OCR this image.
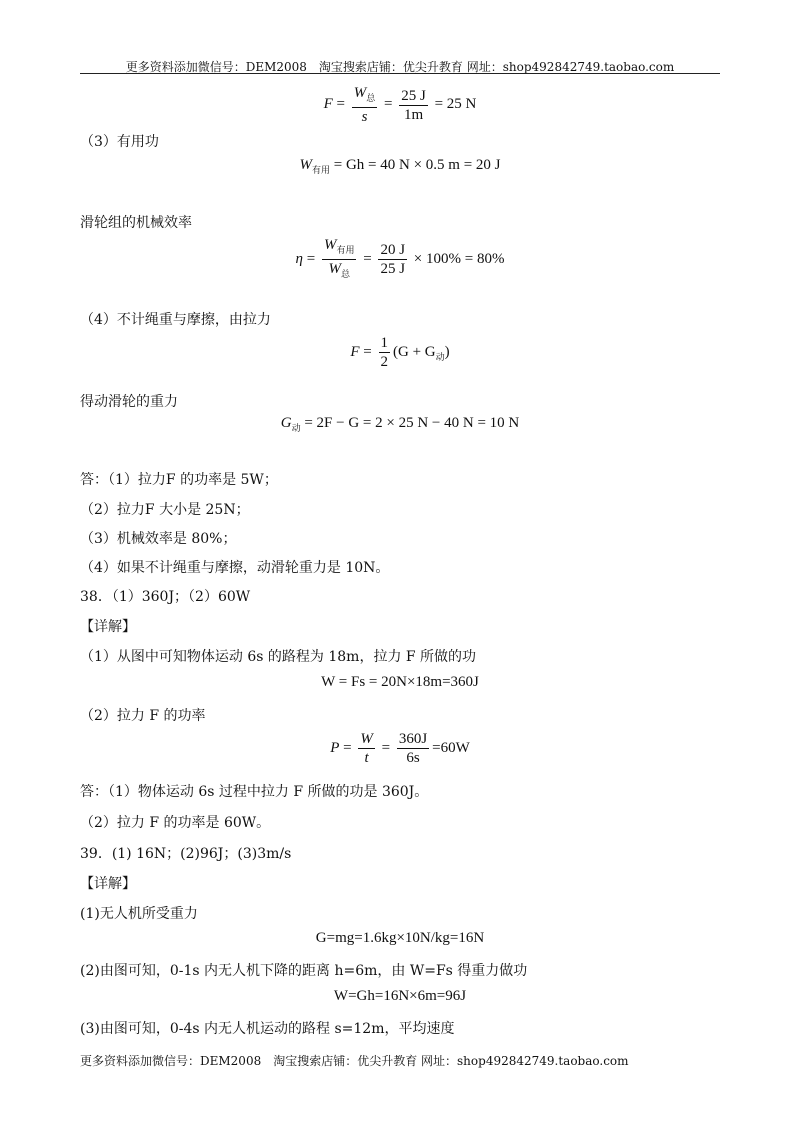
更多资料添加微信号：DEM2008　淘宝搜索店铺：优尖升教育 网址：shop492842749.taobao.com
$F = \frac{W_总}{s} = \frac{25 J}{1m} = 25$ N
（3）有用功
$W_{有用} = Gh = 40$ N × 0.5 m = 20 J
滑轮组的机械效率
$\eta = \frac{W_{有用}}{W_总} = \frac{20 J}{25 J} \times 100\% = 80\%$
（4）不计绳重与摩擦，由拉力
$F = \frac{1}{2} (G + G_动)$
得动滑轮的重力
$G_动 = 2F - G = 2 \times 25$ N − 40 N = 10 N
答：（1）拉力F 的功率是 5W；
（2）拉力F 大小是 25N；
（3）机械效率是 80%；
（4）如果不计绳重与摩擦，动滑轮重力是 10N。
38．（1）360J；（2）60W
【详解】
（1）从图中可知物体运动 6s 的路程为 18m，拉力 F 所做的功
W = Fs = 20N×18m=360J
（2）拉力 F 的功率
$P = \frac{W}{t} = \frac{360J}{6s} =60W$
答：（1）物体运动 6s 过程中拉力 F 所做的功是 360J。
（2）拉力 F 的功率是 60W。
39．(1) 16N；(2)96J；(3)3m/s
【详解】
(1)无人机所受重力
G=mg=1.6kg×10N/kg=16N
(2)由图可知，0-1s 内无人机下降的距离 h=6m，由 W=Fs 得重力做功
W=Gh=16N×6m=96J
(3)由图可知，0-4s 内无人机运动的路程 s=12m，平均速度
更多资料添加微信号：DEM2008　淘宝搜索店铺：优尖升教育 网址：shop492842749.taobao.com
